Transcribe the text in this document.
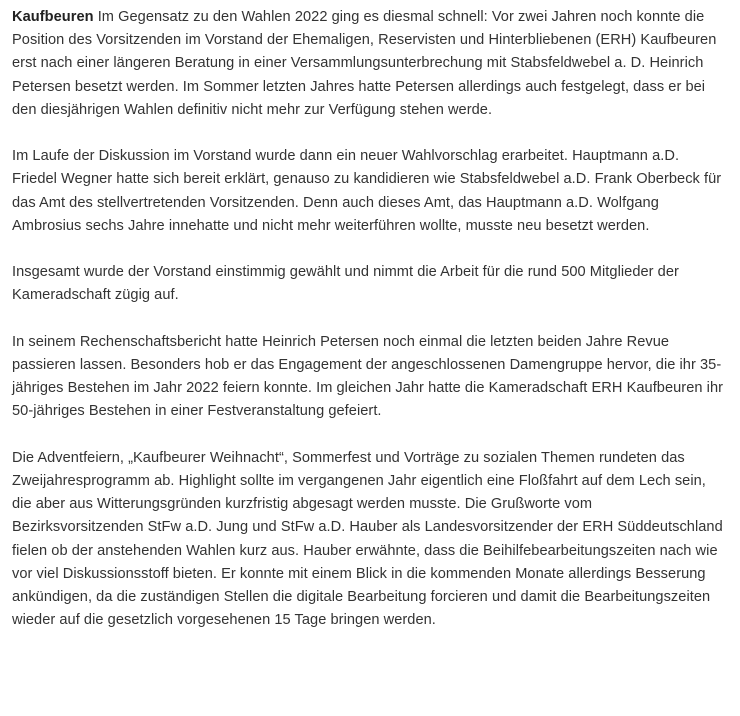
Kaufbeuren Im Gegensatz zu den Wahlen 2022 ging es diesmal schnell: Vor zwei Jahren noch konnte die Position des Vorsitzenden im Vorstand der Ehemaligen, Reservisten und Hinterbliebenen (ERH) Kaufbeuren erst nach einer längeren Beratung in einer Versammlungsunterbrechung mit Stabsfeldwebel a. D. Heinrich Petersen besetzt werden. Im Sommer letzten Jahres hatte Petersen allerdings auch festgelegt, dass er bei den diesjährigen Wahlen definitiv nicht mehr zur Verfügung stehen werde.

Im Laufe der Diskussion im Vorstand wurde dann ein neuer Wahlvorschlag erarbeitet. Hauptmann a.D. Friedel Wegner hatte sich bereit erklärt, genauso zu kandidieren wie Stabsfeldwebel a.D. Frank Oberbeck für das Amt des stellvertretenden Vorsitzenden. Denn auch dieses Amt, das Hauptmann a.D. Wolfgang Ambrosius sechs Jahre innehatte und nicht mehr weiterführen wollte, musste neu besetzt werden.

Insgesamt wurde der Vorstand einstimmig gewählt und nimmt die Arbeit für die rund 500 Mitglieder der Kameradschaft zügig auf.

In seinem Rechenschaftsbericht hatte Heinrich Petersen noch einmal die letzten beiden Jahre Revue passieren lassen. Besonders hob er das Engagement der angeschlossenen Damengruppe hervor, die ihr 35-jähriges Bestehen im Jahr 2022 feiern konnte. Im gleichen Jahr hatte die Kameradschaft ERH Kaufbeuren ihr 50-jähriges Bestehen in einer Festveranstaltung gefeiert.

Die Adventfeiern, „Kaufbeurer Weihnacht“, Sommerfest und Vorträge zu sozialen Themen rundeten das Zweijahresprogramm ab. Highlight sollte im vergangenen Jahr eigentlich eine Floßfahrt auf dem Lech sein, die aber aus Witterungsgründen kurzfristig abgesagt werden musste. Die Grußworte vom Bezirksvorsitzenden StFw a.D. Jung und StFw a.D. Hauber als Landesvorsitzender der ERH Süddeutschland fielen ob der anstehenden Wahlen kurz aus. Hauber erwähnte, dass die Beihilfebearbeitungszeiten nach wie vor viel Diskussionsstoff bieten. Er konnte mit einem Blick in die kommenden Monate allerdings Besserung ankündigen, da die zuständigen Stellen die digitale Bearbeitung forcieren und damit die Bearbeitungszeiten wieder auf die gesetzlich vorgesehenen 15 Tage bringen werden.
